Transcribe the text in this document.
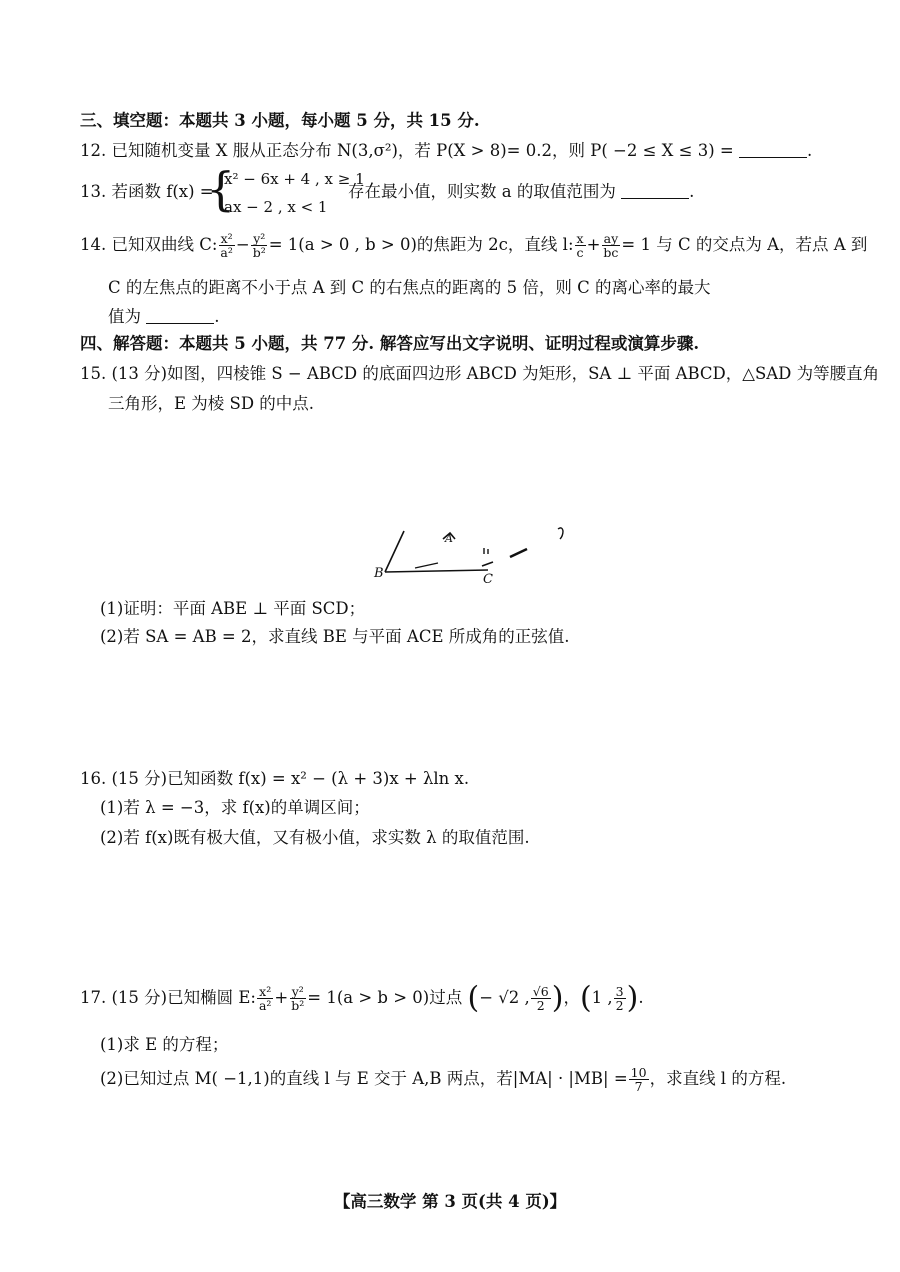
三、填空题：本题共 3 小题，每小题 5 分，共 15 分.
12. 已知随机变量 X 服从正态分布 N(3,σ²)，若 P(X > 8)= 0.2，则 P( −2 ≤ X ≤ 3) =	.
13. 若函数 f(x) =
{
x² − 6x + 4 , x ≥ 1 ,
ax − 2 , x < 1
存在最小值，则实数 a 的取值范围为	.
14. 已知双曲线 C: $\frac{\text{x²}}{\text{a²}} - \frac{\text{y²}}{\text{b²}} = 1(a > 0$ , b > 0)的焦距为 2c，直线 l: $\frac{x}{c} + \frac{ay}{bc} = 1$ 与 C 的交点为 A，若点 A 到
C 的左焦点的距离不小于点 A 到 C 的右焦点的距离的 5 倍，则 C 的离心率的最大
值为	.
四、解答题：本题共 5 小题，共 77 分. 解答应写出文字说明、证明过程或演算步骤.
15. (13 分)如图，四棱锥 S − ABCD 的底面四边形 ABCD 为矩形，SA ⊥ 平面 ABCD，△SAD 为等腰直角
三角形，E 为棱 SD 的中点.
B	C
A
(1)证明：平面 ABE ⊥ 平面 SCD；
(2)若 SA = AB = 2，求直线 BE 与平面 ACE 所成角的正弦值.
16. (15 分)已知函数 f(x) = x² − (λ + 3)x + λln x.
(1)若 λ = −3，求 f(x)的单调区间；
(2)若 f(x)既有极大值，又有极小值，求实数 λ 的取值范围.
17. (15 分)已知椭圆 E: $\frac{\text{x²}}{\text{a²}} + \frac{\text{y²}}{\text{b²}} = 1(a > b > 0)$过点 (− √2 , $\frac{√6}{2}$ )，(1 , $\frac{3}{2}$ ).
(1)求 E 的方程；
(2)已知过点 M( −1,1)的直线 l 与 E 交于 A,B 两点，若$|MA| \cdot |MB| = \frac{10}{7}$ ，求直线 l 的方程.
【高三数学 第 3 页(共 4 页)】
